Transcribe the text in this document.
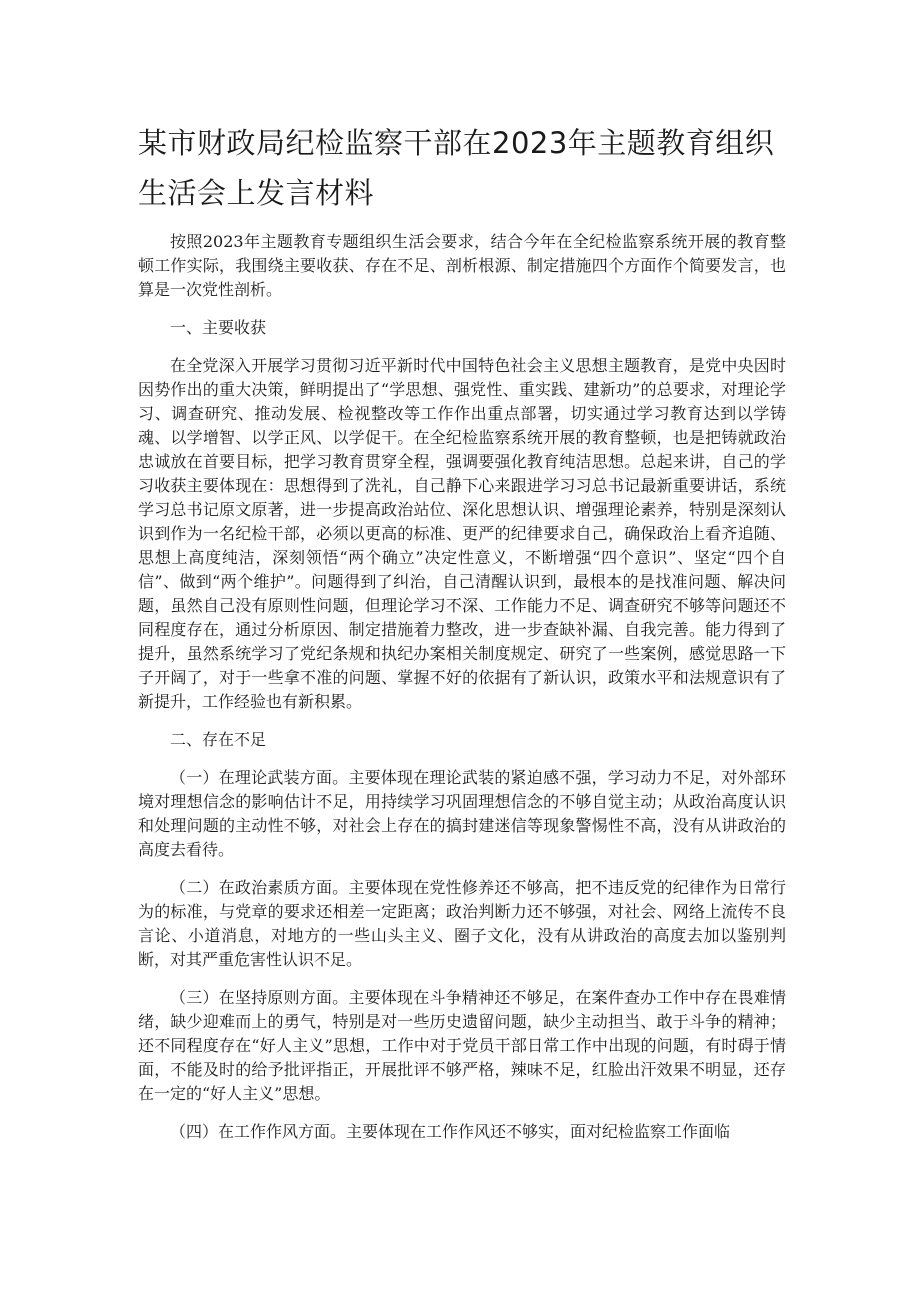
某市财政局纪检监察干部在2023年主题教育组织生活会上发言材料

按照2023年主题教育专题组织生活会要求，结合今年在全纪检监察系统开展的教育整顿工作实际，我围绕主要收获、存在不足、剖析根源、制定措施四个方面作个简要发言，也算是一次党性剖析。

一、主要收获

在全党深入开展学习贯彻习近平新时代中国特色社会主义思想主题教育，是党中央因时因势作出的重大决策，鲜明提出了“学思想、强党性、重实践、建新功”的总要求，对理论学习、调查研究、推动发展、检视整改等工作作出重点部署，切实通过学习教育达到以学铸魂、以学增智、以学正风、以学促干。在全纪检监察系统开展的教育整顿，也是把铸就政治忠诚放在首要目标，把学习教育贯穿全程，强调要强化教育纯洁思想。总起来讲，自己的学习收获主要体现在：思想得到了洗礼，自己静下心来跟进学习习总书记最新重要讲话，系统学习总书记原文原著，进一步提高政治站位、深化思想认识、增强理论素养，特别是深刻认识到作为一名纪检干部，必须以更高的标准、更严的纪律要求自己，确保政治上看齐追随、思想上高度纯洁，深刻领悟“两个确立”决定性意义，不断增强“四个意识”、坚定“四个自信”、做到“两个维护”。问题得到了纠治，自己清醒认识到，最根本的是找准问题、解决问题，虽然自己没有原则性问题，但理论学习不深、工作能力不足、调查研究不够等问题还不同程度存在，通过分析原因、制定措施着力整改，进一步查缺补漏、自我完善。能力得到了提升，虽然系统学习了党纪条规和执纪办案相关制度规定、研究了一些案例，感觉思路一下子开阔了，对于一些拿不准的问题、掌握不好的依据有了新认识，政策水平和法规意识有了新提升，工作经验也有新积累。

二、存在不足

（一）在理论武装方面。主要体现在理论武装的紧迫感不强，学习动力不足，对外部环境对理想信念的影响估计不足，用持续学习巩固理想信念的不够自觉主动；从政治高度认识和处理问题的主动性不够，对社会上存在的搞封建迷信等现象警惕性不高，没有从讲政治的高度去看待。

（二）在政治素质方面。主要体现在党性修养还不够高，把不违反党的纪律作为日常行为的标准，与党章的要求还相差一定距离；政治判断力还不够强，对社会、网络上流传不良言论、小道消息，对地方的一些山头主义、圈子文化，没有从讲政治的高度去加以鉴别判断，对其严重危害性认识不足。

（三）在坚持原则方面。主要体现在斗争精神还不够足，在案件查办工作中存在畏难情绪，缺少迎难而上的勇气，特别是对一些历史遗留问题，缺少主动担当、敢于斗争的精神；还不同程度存在“好人主义”思想，工作中对于党员干部日常工作中出现的问题，有时碍于情面，不能及时的给予批评指正，开展批评不够严格，辣味不足，红脸出汗效果不明显，还存在一定的“好人主义”思想。

（四）在工作作风方面。主要体现在工作作风还不够实，面对纪检监察工作面临
